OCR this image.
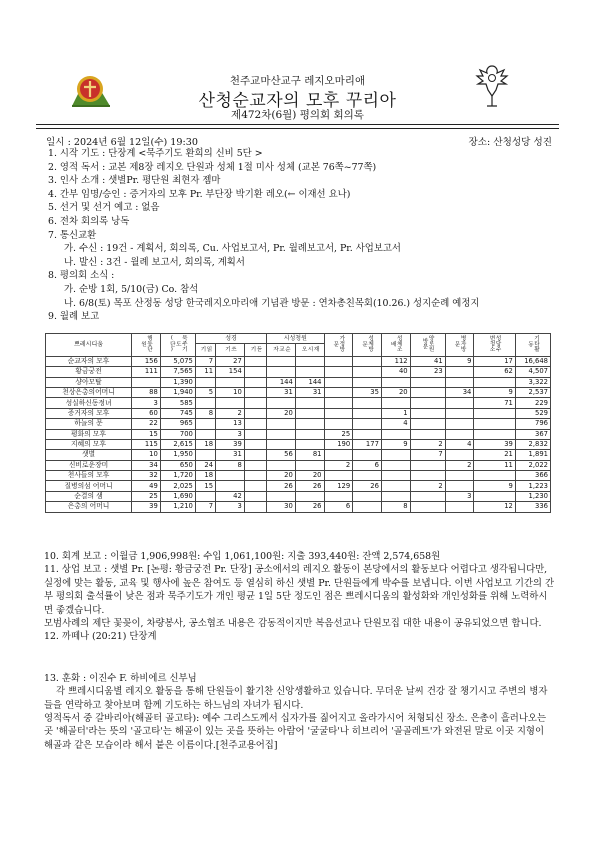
천주교마산교구 레지오마리애
산청순교자의 모후 꾸리아
제472차(6월) 평의회 회의록
일시 : 2024년 6월 12일(수) 19:30	장소: 산청성당 성진
1. 시작 기도 : 단장계 <묵주기도 환희의 신비 5단 >
2. 영적 독서 : 교본 제8장 레지오 단원과 성체 1절 미사 성체 (교본 76쪽~77쪽)
3. 인사 소개 : 샛별Pr. 평단원 최현자 젬마
4. 간부 임명/승인 : 증거자의 모후 Pr. 부단장 박기환 레오(← 이재선 요나)
5. 선거 및 선거 예고 : 없음
6. 전차 회의록 낭독
7. 통신교환
가. 수신 : 19건 - 계획서, 회의록, Cu. 사업보고서, Pr. 월례보고서, Pr. 사업보고서
나. 발신 : 3건 - 월례 보고서, 회의록, 계획서
8. 평의회 소식 :
가. 순방 1회, 5/10(금) Co. 참석
나. 6/8(토) 목포 산정동 성당 한국레지오마리애 기념관 방문 : 연차총친목회(10.26.) 성지순례 예정지
9. 월례 보고
쁘레시디움	행동단원	묵주기도(단)	성경			시성청원		가정방문	성체방문	성체조배	양로원방문	병자방문	성당주변청소	기타활동
			읽기	쓰기	듣기	순교자	재시오							
순교자의 모후	156	5,075	7	27						112	41	9	17	16,648
황금궁전	111	7,565	11	154						40	23		62	4,507
샹아모탈		1,390				144	144							3,322
천상은총의어머니	88	1,940	5	10		31	31		35	20		34	9	2,537
성실하신동정녀	3	585											71	229
증거자의 모후	60	745	8	2		20				1				529
하늘의 문	22	965		13						4				796
평화의 모후	15	700		3				25						367
지혜의 모후	115	2,615	18	39				190	177	9	2	4	39	2,832
샛별	10	1,950		31		56	81				7		21	1,891
신비로운장미	34	650	24	8				2	6			2	11	2,022
천사들의 모후	32	1,720	18			20	20							366
질병의섬 어머니	49	2,025	15			26	26	129	26		2		9	1,223
순결의 샘	25	1,690		42								3		1,230
은총의 어머니	39	1,210	7	3		30	26	6		8			12	336

10. 회계 보고 : 이월금 1,906,998원: 수입 1,061,100원: 지출 393,440원: 잔액 2,574,658원

11. 상업 보고 : 샛별 Pr. [논평: 황금궁전 Pr. 단장] 공소에서의 레지오 활동이 본당에서의 활동보다 어렵다고 생각됩니다만, 실정에 맞는 활동, 교육 및 행사에 높은 참여도 등 열심히 하신 샛별 Pr. 단원들에게 박수를 보냅니다. 이번 사업보고 기간의 간부 평의회 출석률이 낮은 점과 묵주기도가 개인 평균 1일 5단 정도인 점은 쁘레시디움의 활성화와 개인성화를 위해 노력하시면 좋겠습니다.

모범사례의 제단 꽃꽂이, 차량봉사, 공소협조 내용은 감동적이지만 복음선교나 단원모집 대한 내용이 공유되었으면 합니다.

12. 까떼나 (20:21) 단장계

13. 훈화 : 이진수 F. 하비에르 신부님

각 쁘레시디움별 레지오 활동을 통해 단원들이 활기찬 신앙생활하고 있습니다. 무더운 날씨 건강 잘 챙기시고 주변의 병자들을 연락하고 찾아보며 함께 기도하는 하느님의 자녀가 됩시다.

영적독서 중 갈바리아(해골터 골고타): 예수 그리스도께서 십자가를 짊어지고 올라가시어 처형되신 장소. 은총이 흘러나오는 곳 '해골터'라는 뜻의 '골고타'는 해골이 있는 곳을 뜻하는 아람어 '굴굴타'나 히브리어 '골골레트'가 와전된 말로 이곳 지형이 해골과 같은 모습이라 해서 붙은 이름이다.[천주교용어집]
